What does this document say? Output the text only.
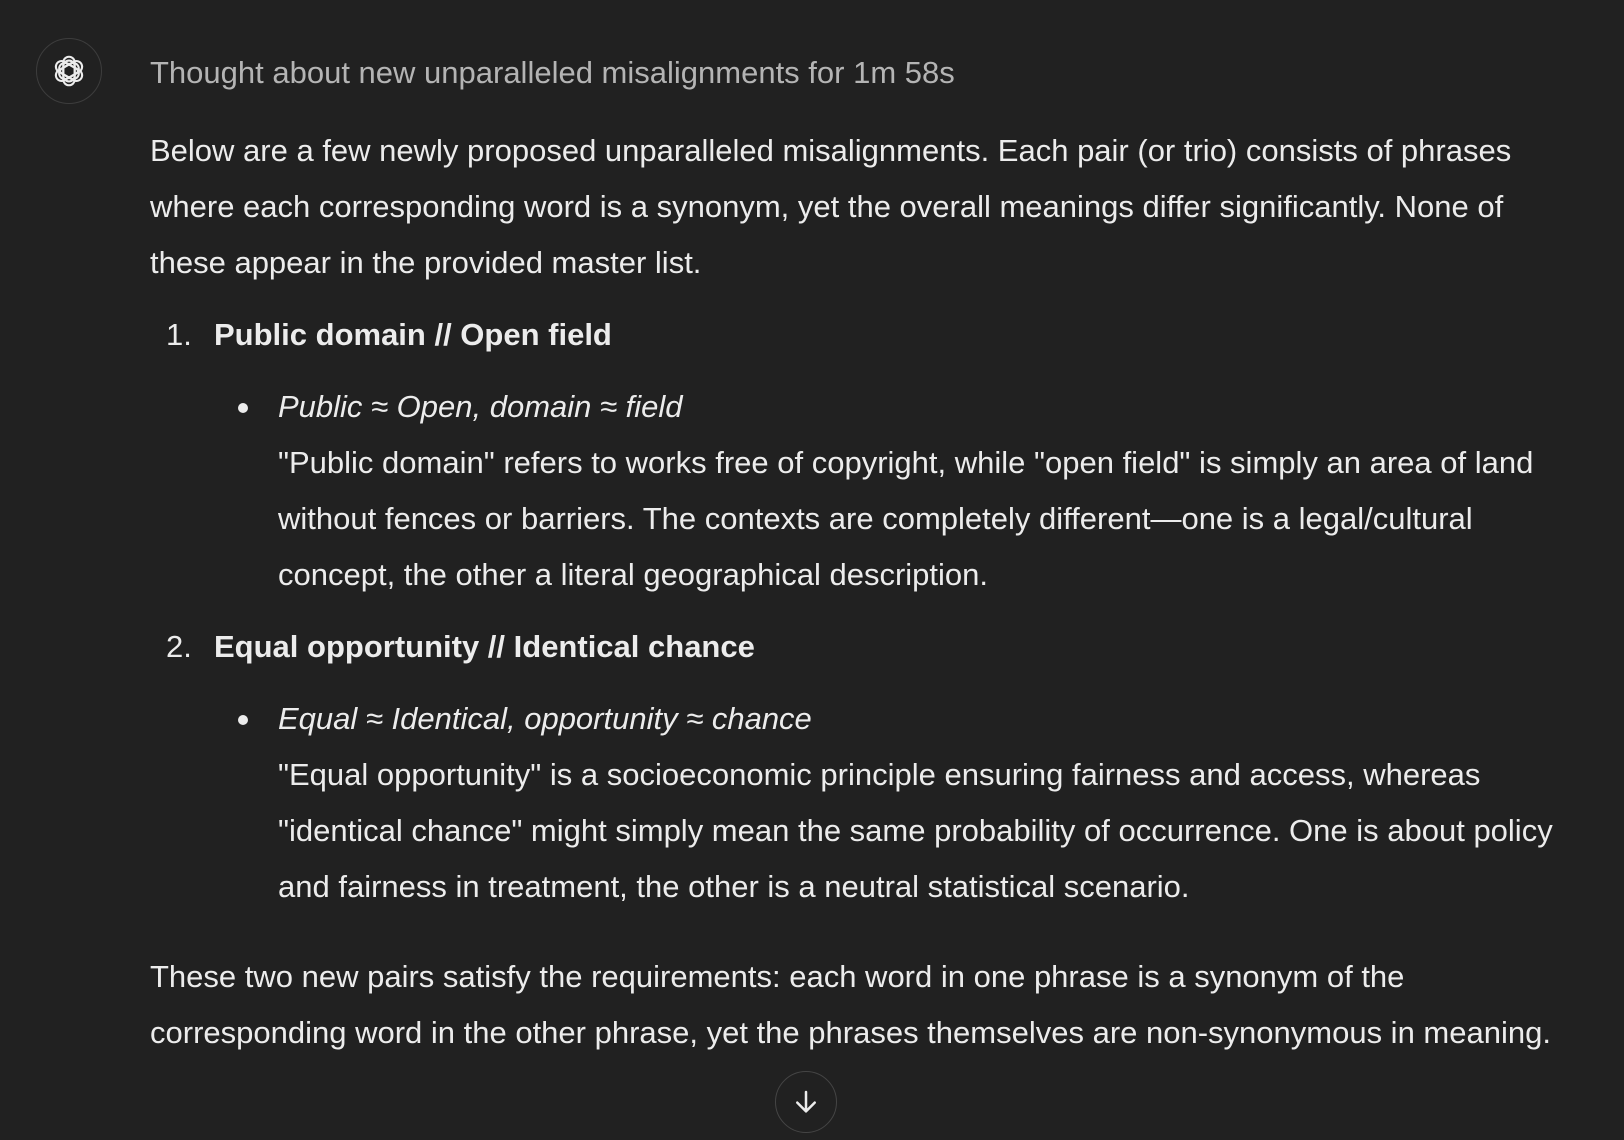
Thought about new unparalleled misalignments for 1m 58s

Below are a few newly proposed unparalleled misalignments. Each pair (or trio) consists of phrases where each corresponding word is a synonym, yet the overall meanings differ significantly. None of these appear in the provided master list.

1. Public domain // Open field
Public ≈ Open, domain ≈ field
"Public domain" refers to works free of copyright, while "open field" is simply an area of land without fences or barriers. The contexts are completely different—one is a legal/cultural concept, the other a literal geographical description.
2. Equal opportunity // Identical chance
Equal ≈ Identical, opportunity ≈ chance
"Equal opportunity" is a socioeconomic principle ensuring fairness and access, whereas "identical chance" might simply mean the same probability of occurrence. One is about policy and fairness in treatment, the other is a neutral statistical scenario.

These two new pairs satisfy the requirements: each word in one phrase is a synonym of the corresponding word in the other phrase, yet the phrases themselves are non-synonymous in meaning.
